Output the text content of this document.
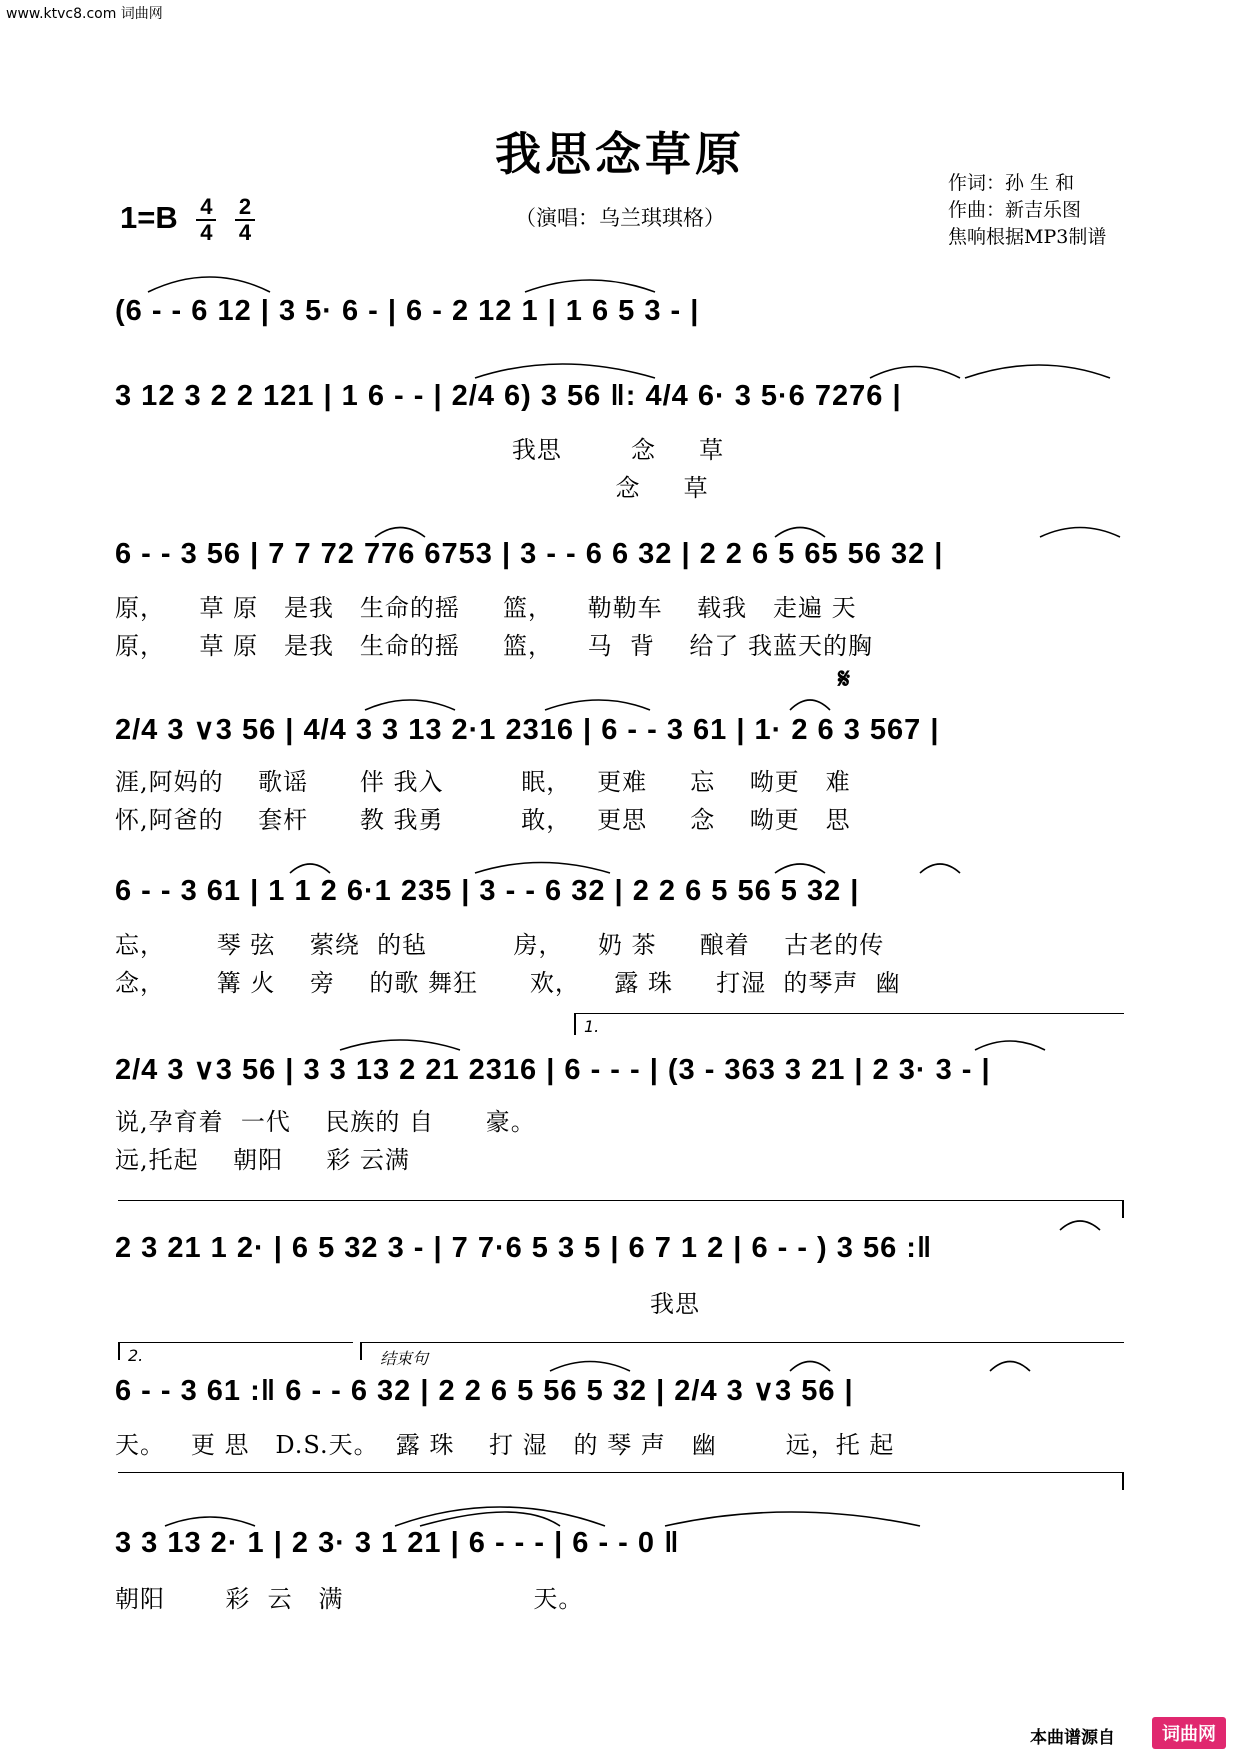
www.ktvc8.com 词曲网
我思念草原
（演唱：乌兰琪琪格）
$1=B \frac{4}{4}$
$\frac{2}{4}$
作词：孙 生 和
作曲：新吉乐图
焦响根据MP3制谱
(6 - - 6 12 | 3 5· 6 - | 6 - 2 12 1 | 1 6 5 3 - |
3 12 3 2 2 121 | 1 6 - - | 2/4 6) 3 56 ‖: 4/4 6· 3 5·6 7276 |
我思        念     草
念     草
6 - - 3 56 | 7 7 72 776 6753 | 3 - - 6 6 32 | 2 2 6 5 65 56 32 |
原，    草 原   是我   生命的摇     篮，    勒勒车    载我   走遍 天
原，    草 原   是我   生命的摇     篮，    马  背    给了 我蓝天的胸
𝄋
2/4 3 ∨3 56 | 4/4 3 3 13 2·1 2316 | 6 - - 3 61 | 1· 2 6 3 567 |
涯,阿妈的    歌谣      伴 我入         眠，   更难     忘    呦更   难
怀,阿爸的    套杆      教 我勇         敢，   更思     念    呦更   思
6 - - 3 61 | 1 1 2 6·1 235 | 3 - - 6 32 | 2 2 6 5 56 5 32 |
忘，      琴 弦    萦绕  的毡          房，    奶 茶     酿着    古老的传
念，      篝 火    旁    的歌 舞狂      欢，    露 珠     打湿  的琴声  幽
1.
2/4 3 ∨3 56 | 3 3 13 2 21 2316 | 6 - - - | (3 - 363 3 21 | 2 3· 3 - |
说,孕育着  一代    民族的 自      豪。
远,托起    朝阳     彩 云满
2 3 21 1 2· | 6 5 32 3 - | 7 7·6 5 3 5 | 6 7 1 2 | 6 - - ) 3 56 :‖
我思
2.	结束句
6 - - 3 61 :‖ 6 - - 6 32 | 2 2 6 5 56 5 32 | 2/4 3 ∨3 56 |
天。   更 思   D.S.天。  露 珠    打 湿   的 琴 声   幽        远，托 起
3 3 13 2· 1 | 2 3· 3 1 21 | 6 - - - | 6 - - 0 ‖
朝阳       彩  云   满                      天。
本曲谱源自	词曲网
